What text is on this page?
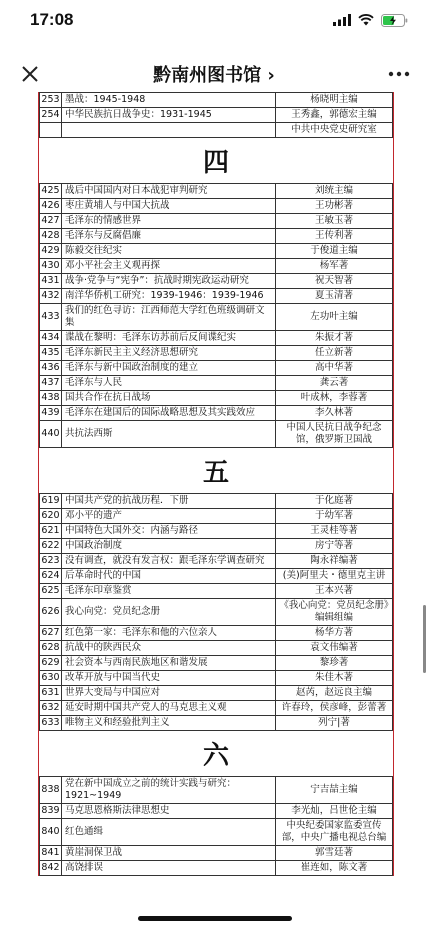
17:08
黔南州图书馆 ›
253	墨战：1945-1948	杨晓明主编
254	中华民族抗日战争史：1931-1945	王秀鑫，郭德宏主编
		中共中央党史研究室
四
425	战后中国国内对日本战犯审判研究	刘统主编
426	枣庄黄埔人与中国大抗战	王功彬著
427	毛泽东的情感世界	王敏玉著
428	毛泽东与反腐倡廉	王传利著
429	陈毅交往纪实	于俊道主编
430	邓小平社会主义观再探	杨军著
431	战争·党争与“宪争”：抗战时期宪政运动研究	祝天智著
432	南洋华侨机工研究：1939-1946：1939-1946	夏玉清著
433	我们的红色寻访：江西师范大学红色班级调研文集	左功叶主编
434	谍战在黎明：毛泽东访苏前后反间谍纪实	朱振才著
435	毛泽东新民主主义经济思想研究	任立新著
436	毛泽东与新中国政治制度的建立	高中华著
437	毛泽东与人民	龚云著
438	国共合作在抗日战场	叶成林，李蓉著
439	毛泽东在建国后的国际战略思想及其实践效应	李久林著
440	共抗法西斯	中国人民抗日战争纪念馆，俄罗斯卫国战
五
619	中国共产党的抗战历程．下册	于化庭著
620	邓小平的遗产	于幼军著
621	中国特色大国外交：内涵与路径	王灵桂等著
622	中国政治制度	房宁等著
623	没有调查，就没有发言权：跟毛泽东学调查研究	陶永祥编著
624	后革命时代的中国	(美)阿里夫・德里克主讲
625	毛泽东印章鉴赏	王本兴著
626	我心向党：党员纪念册	《我心向党：党员纪念册》编辑组编
627	红色第一家：毛泽东和他的六位亲人	杨华方著
628	抗战中的陕西民众	袁文伟编著
629	社会资本与西南民族地区和谐发展	黎珍著
630	改革开放与中国当代史	朱佳木著
631	世界大变局与中国应对	赵芮，赵远良主编
632	延安时期中国共产党人的马克思主义观	许春玲，侯彦峰，彭蕾著
633	唯物主义和经验批判主义	列宁|著
六
838	党在新中国成立之前的统计实践与研究：1921~1949	宁吉喆主编
839	马克思恩格斯法律思想史	李光灿，吕世伦主编
840	红色通缉	中央纪委国家监委宣传部，中央广播电视总台编
841	黄崖洞保卫战	郭雪廷著
842	高饶排误	崔连如，陈文著
